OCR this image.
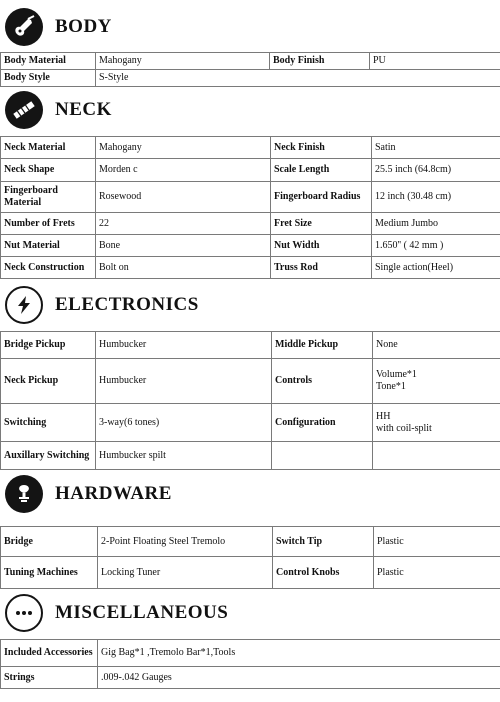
BODY
Body Material	Mahogany	Body Finish	PU
Body Style	S-Style		
NECK
Neck Material	Mahogany	Neck Finish	Satin
Neck Shape	Morden c	Scale Length	25.5 inch (64.8cm)
Fingerboard Material	Rosewood	Fingerboard Radius	12 inch (30.48 cm)
Number of Frets	22	Fret Size	Medium Jumbo
Nut Material	Bone	Nut Width	1.650'' ( 42 mm )
Neck Construction	Bolt on	Truss Rod	Single action(Heel)
ELECTRONICS
Bridge Pickup	Humbucker	Middle Pickup	None
Neck Pickup	Humbucker	Controls	Volume*1
Tone*1
Switching	3-way(6 tones)	Configuration	HH
with coil-split
Auxillary Switching	Humbucker spilt		
HARDWARE
Bridge	2-Point Floating Steel Tremolo	Switch Tip	Plastic
Tuning Machines	Locking Tuner	Control Knobs	Plastic
MISCELLANEOUS
Included Accessories	Gig Bag*1 ,Tremolo Bar*1,Tools
Strings	.009-.042 Gauges
